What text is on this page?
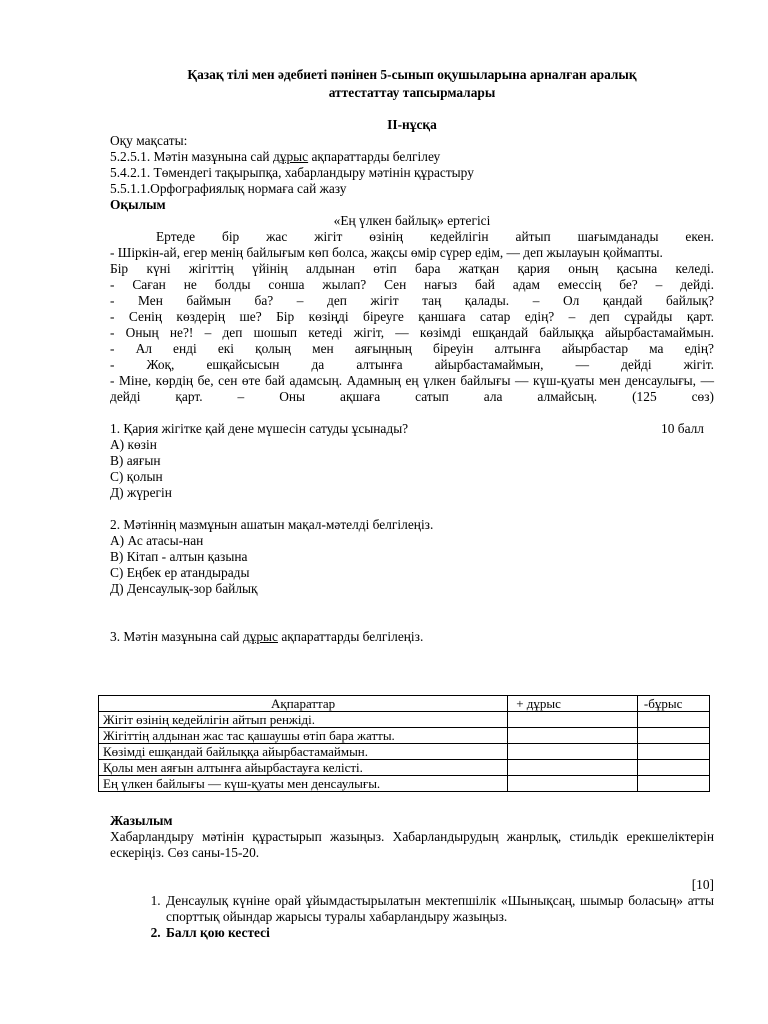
Қазақ тілі мен әдебиеті пәнінен 5-сынып оқушыларына арналған аралық

аттестаттау тапсырмалары

ІІ-нұсқа

Оқу мақсаты:

5.2.5.1. Мәтін мазұнына сай дұрыс ақпараттарды белгілеу

5.4.2.1. Төмендегі тақырыпқа, хабарландыру мәтінін құрастыру

5.5.1.1.Орфографиялық нормаға сай жазу

Оқылым

«Ең үлкен байлық» ертегісі

Ертеде бір жас жігіт өзінің кедейлігін айтып шағымданады екен.

- Шіркін-ай, егер менің байлығым көп болса, жақсы өмір сүрер едім, — деп жылауын қоймапты.

Бір күні жігіттің үйінің алдынан өтіп бара жатқан қария оның қасына келеді.

- Саған не болды сонша жылап? Сен нағыз бай адам емессің бе? – дейді.

- Мен баймын ба? – деп жігіт таң қалады. – Ол қандай байлық?

- Сенің көздерің ше? Бір көзіңді біреуге қаншаға сатар едің? – деп сұрайды қарт.

- Оның не?! – деп шошып кетеді жігіт, — көзімді ешқандай байлыққа айырбастамаймын.

- Ал енді екі қолың мен аяғыңның біреуін алтынға айырбастар ма едің?

- Жоқ, ешқайсысын да алтынға айырбастамаймын, — дейді жігіт.

- Міне, көрдің бе, сен өте бай адамсың. Адамның ең үлкен байлығы — күш-қуаты мен денсаулығы, — дейді қарт. – Оны ақшаға сатып ала алмайсың. (125 сөз)

1. Қария жігітке қай дене мүшесін сатуды ұсынады?	10 балл

А) көзін

В) аяғын

С) қолын

Д) жүрегін

2. Мәтіннің мазмұнын ашатын мақал-мәтелді белгілеңіз.

А) Ас атасы-нан

В) Кітап - алтын қазына

С) Еңбек ер атандырады

Д) Денсаулық-зор байлық

3. Мәтін мазұнына сай дұрыс ақпараттарды белгілеңіз.

Ақпараттар	+ дұрыс	-бұрыс
Жігіт өзінің кедейлігін айтып ренжіді.		
Жігіттің алдынан жас тас қашаушы өтіп бара жатты.		
Көзімді ешқандай байлыққа айырбастамаймын.		
Қолы мен аяғын алтынға айырбастауға келісті.		
Ең үлкен байлығы — күш-қуаты мен денсаулығы.		

Жазылым

Хабарландыру мәтінін құрастырып жазыңыз. Хабарландырудың жанрлық, стильдік ерекшеліктерін ескеріңіз. Сөз саны-15-20.

[10]

1. Денсаулық күніне орай ұйымдастырылатын мектепшілік «Шынықсаң, шымыр боласың» атты спорттық ойындар жарысы туралы хабарландыру жазыңыз.
2. Балл қою кестесі
